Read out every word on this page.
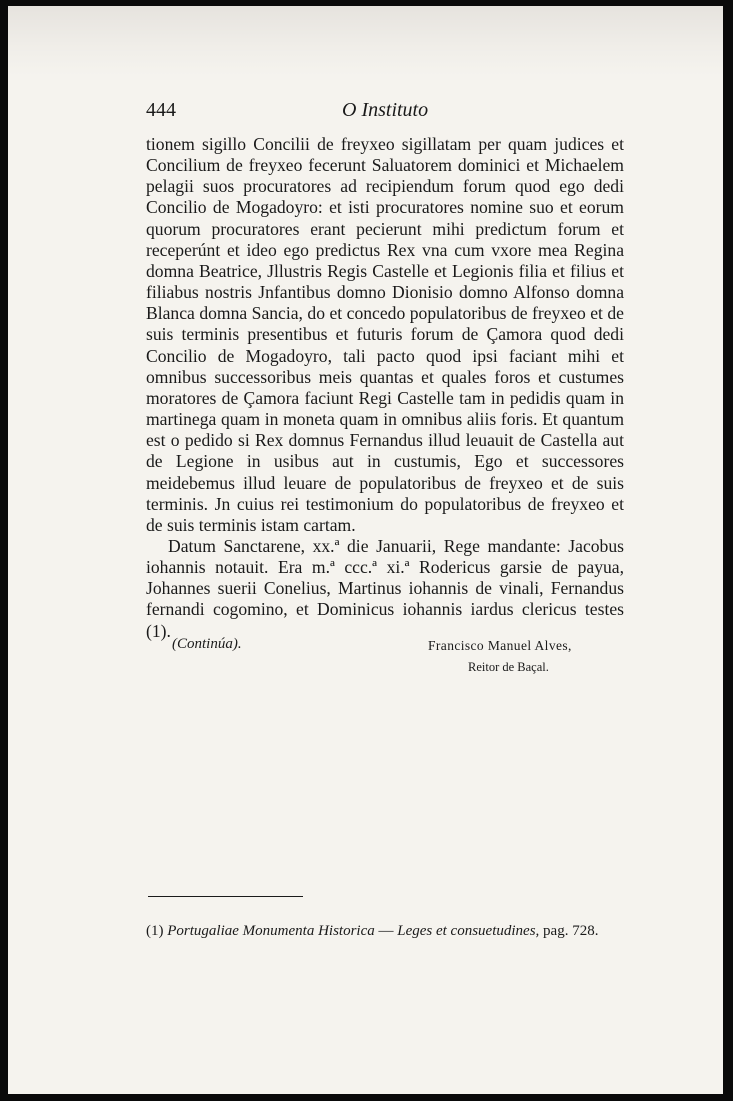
444	O Instituto

tionem sigillo Concilii de freyxeo sigillatam per quam judices et Concilium de freyxeo fecerunt Saluatorem dominici et Michaelem pelagii suos procuratores ad recipiendum forum quod ego dedi Concilio de Mogadoyro: et isti procuratores nomine suo et eorum quorum procuratores erant pecierunt mihi predictum forum et receperúnt et ideo ego predictus Rex vna cum vxore mea Regina domna Beatrice, Jllustris Regis Castelle et Legionis filia et filius et filiabus nostris Jnfantibus domno Dionisio domno Alfonso domna Blanca domna Sancia, do et concedo populatoribus de freyxeo et de suis terminis presentibus et futuris forum de Çamora quod dedi Concilio de Mogadoyro, tali pacto quod ipsi faciant mihi et omnibus successoribus meis quantas et quales foros et custumes moratores de Çamora faciunt Regi Castelle tam in pedidis quam in martinega quam in moneta quam in omnibus aliis foris. Et quantum est o pedido si Rex domnus Fernandus illud leuauit de Castella aut de Legione in usibus aut in custumis, Ego et successores meidebemus illud leuare de populatoribus de freyxeo et de suis terminis. Jn cuius rei testimonium do populatoribus de freyxeo et de suis terminis istam cartam.

Datum Sanctarene, xx.ª die Januarii, Rege mandante: Jacobus iohannis notauit. Era m.ª ccc.ª xi.ª Rodericus garsie de payua, Johannes suerii Conelius, Martinus iohannis de vinali, Fernandus fernandi cogomino, et Dominicus iohannis iardus clericus testes (1).

(Continúa).	Francisco Manuel Alves,
Reitor de Baçal.
(1) Portugaliae Monumenta Historica — Leges et consuetudines, pag. 728.
